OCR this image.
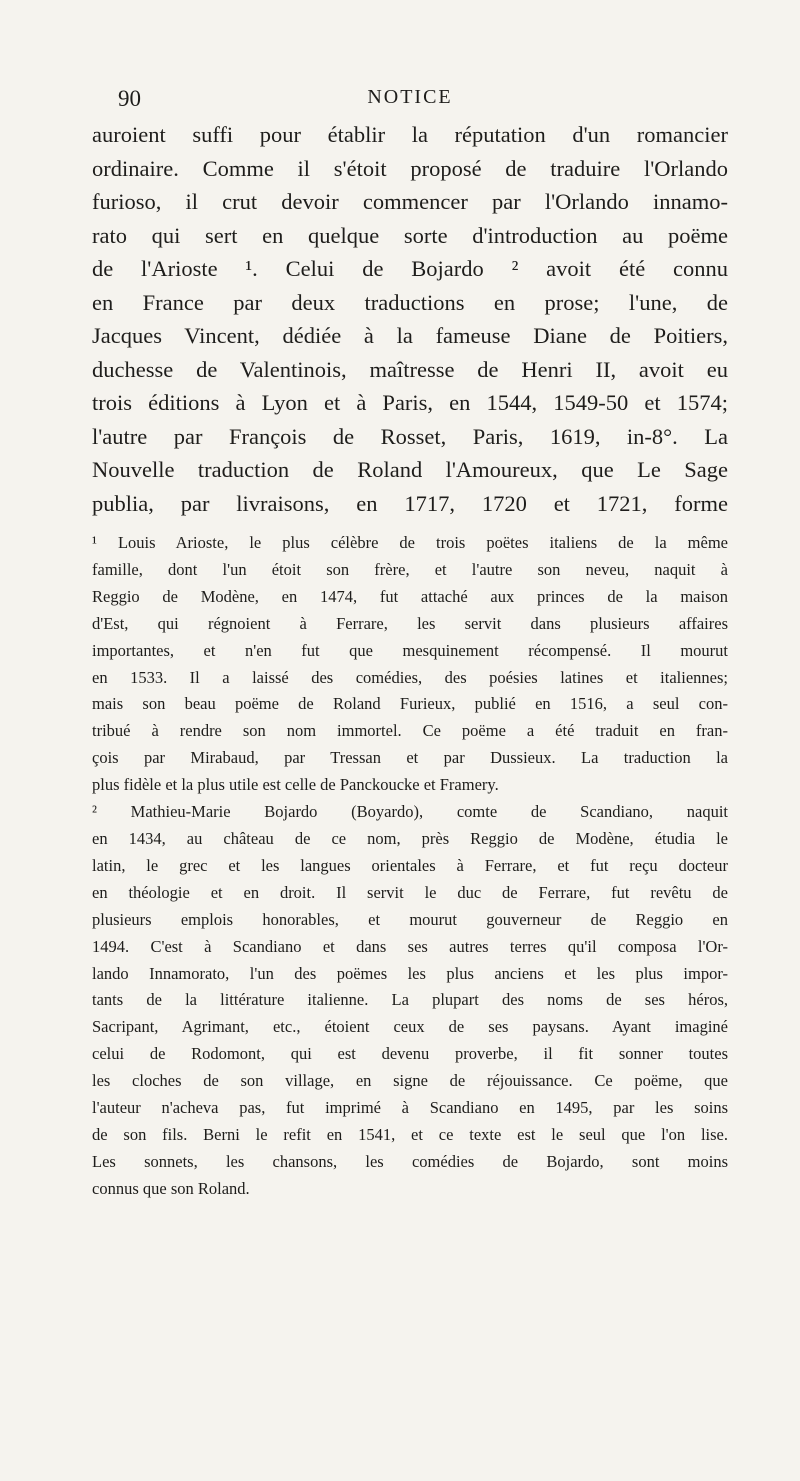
90	NOTICE
auroient suffi pour établir la réputation d'un romancier
ordinaire. Comme il s'étoit proposé de traduire l'Orlando
furioso, il crut devoir commencer par l'Orlando innamo-
rato qui sert en quelque sorte d'introduction au poëme
de l'Arioste ¹. Celui de Bojardo ² avoit été connu
en France par deux traductions en prose; l'une, de
Jacques Vincent, dédiée à la fameuse Diane de Poitiers,
duchesse de Valentinois, maîtresse de Henri II, avoit eu
trois éditions à Lyon et à Paris, en 1544, 1549-50 et 1574;
l'autre par François de Rosset, Paris, 1619, in-8°. La
Nouvelle traduction de Roland l'Amoureux, que Le Sage
publia, par livraisons, en 1717, 1720 et 1721, forme
¹ Louis Arioste, le plus célèbre de trois poëtes italiens de la même
famille, dont l'un étoit son frère, et l'autre son neveu, naquit à
Reggio de Modène, en 1474, fut attaché aux princes de la maison
d'Est, qui régnoient à Ferrare, les servit dans plusieurs affaires
importantes, et n'en fut que mesquinement récompensé. Il mourut
en 1533. Il a laissé des comédies, des poésies latines et italiennes;
mais son beau poëme de Roland Furieux, publié en 1516, a seul con-
tribué à rendre son nom immortel. Ce poëme a été traduit en fran-
çois par Mirabaud, par Tressan et par Dussieux. La traduction la
plus fidèle et la plus utile est celle de Panckoucke et Framery.
² Mathieu-Marie Bojardo (Boyardo), comte de Scandiano, naquit
en 1434, au château de ce nom, près Reggio de Modène, étudia le
latin, le grec et les langues orientales à Ferrare, et fut reçu docteur
en théologie et en droit. Il servit le duc de Ferrare, fut revêtu de
plusieurs emplois honorables, et mourut gouverneur de Reggio en
1494. C'est à Scandiano et dans ses autres terres qu'il composa l'Or-
lando Innamorato, l'un des poëmes les plus anciens et les plus impor-
tants de la littérature italienne. La plupart des noms de ses héros,
Sacripant, Agrimant, etc., étoient ceux de ses paysans. Ayant imaginé
celui de Rodomont, qui est devenu proverbe, il fit sonner toutes
les cloches de son village, en signe de réjouissance. Ce poëme, que
l'auteur n'acheva pas, fut imprimé à Scandiano en 1495, par les soins
de son fils. Berni le refit en 1541, et ce texte est le seul que l'on lise.
Les sonnets, les chansons, les comédies de Bojardo, sont moins
connus que son Roland.
